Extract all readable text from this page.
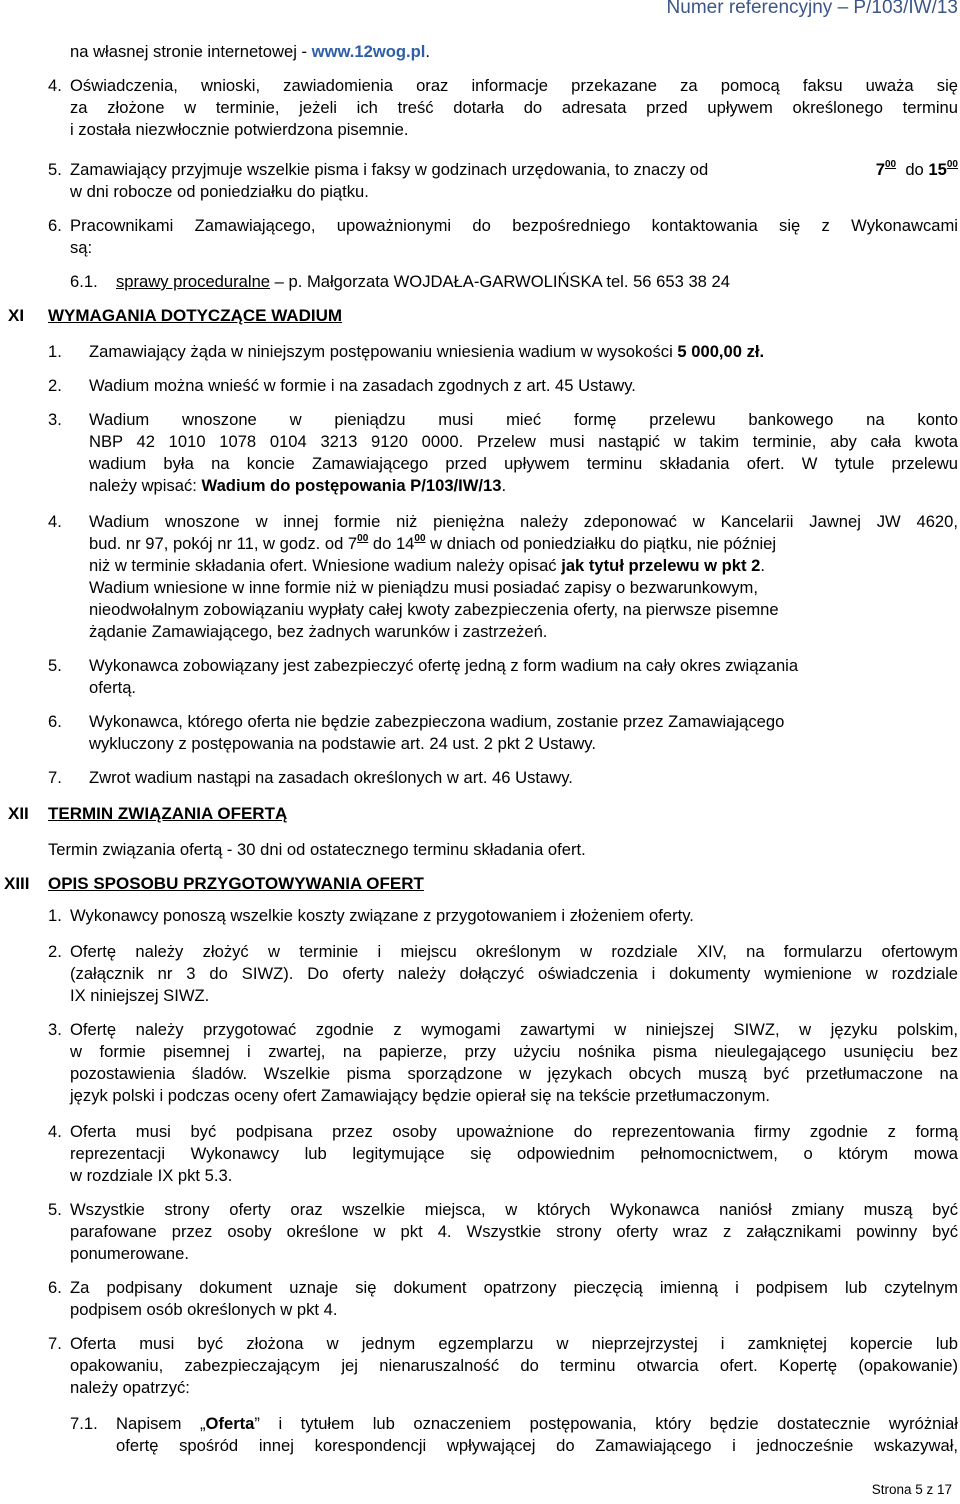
Numer referencyjny – P/103/IW/13
na własnej stronie internetowej - www.12wog.pl.
4. Oświadczenia, wnioski, zawiadomienia oraz informacje przekazane za pomocą faksu uważa się
za złożone w terminie, jeżeli ich treść dotarła do adresata przed upływem określonego terminu
i została niezwłocznie potwierdzona pisemnie.
5. Zamawiający przyjmuje wszelkie pisma i faksy w godzinach urzędowania, to znaczy od	$7^{00}$ do $15^{00}$
w dni robocze od poniedziałku do piątku.
6. Pracownikami Zamawiającego, upoważnionymi do bezpośredniego kontaktowania się z Wykonawcami
są:
6.1. sprawy proceduralne – p. Małgorzata WOJDAŁA-GARWOLIŃSKA tel. 56 653 38 24
XI WYMAGANIA DOTYCZĄCE WADIUM
1. Zamawiający żąda w niniejszym postępowaniu wniesienia wadium w wysokości 5 000,00 zł.
2. Wadium można wnieść w formie i na zasadach zgodnych z art. 45 Ustawy.
3. Wadium wnoszone w pieniądzu musi mieć formę przelewu bankowego na konto
NBP 42 1010 1078 0104 3213 9120 0000. Przelew musi nastąpić w takim terminie, aby cała kwota
wadium była na koncie Zamawiającego przed upływem terminu składania ofert. W tytule przelewu
należy wpisać: Wadium do postępowania P/103/IW/13.
4. Wadium wnoszone w innej formie niż pieniężna należy zdeponować w Kancelarii Jawnej JW 4620,
bud. nr 97, pokój nr 11, w godz. od $7^{00}$ do $14^{00}$ w dniach od poniedziałku do piątku, nie później
niż w terminie składania ofert. Wniesione wadium należy opisać jak tytuł przelewu w pkt 2.
Wadium wniesione w inne formie niż w pieniądzu musi posiadać zapisy o bezwarunkowym,
nieodwołalnym zobowiązaniu wypłaty całej kwoty zabezpieczenia oferty, na pierwsze pisemne
żądanie Zamawiającego, bez żadnych warunków i zastrzeżeń.
5. Wykonawca zobowiązany jest zabezpieczyć ofertę jedną z form wadium na cały okres związania
ofertą.
6. Wykonawca, którego oferta nie będzie zabezpieczona wadium, zostanie przez Zamawiającego
wykluczony z postępowania na podstawie art. 24 ust. 2 pkt 2 Ustawy.
7. Zwrot wadium nastąpi na zasadach określonych w art. 46 Ustawy.
XII TERMIN ZWIĄZANIA OFERTĄ
Termin związania ofertą - 30 dni od ostatecznego terminu składania ofert.
XIII OPIS SPOSOBU PRZYGOTOWYWANIA OFERT
1. Wykonawcy ponoszą wszelkie koszty związane z przygotowaniem i złożeniem oferty.
2. Ofertę należy złożyć w terminie i miejscu określonym w rozdziale XIV, na formularzu ofertowym
(załącznik nr 3 do SIWZ). Do oferty należy dołączyć oświadczenia i dokumenty wymienione w rozdziale
IX niniejszej SIWZ.
3. Ofertę należy przygotować zgodnie z wymogami zawartymi w niniejszej SIWZ, w języku polskim,
w formie pisemnej i zwartej, na papierze, przy użyciu nośnika pisma nieulegającego usunięciu bez
pozostawienia śladów. Wszelkie pisma sporządzone w językach obcych muszą być przetłumaczone na
język polski i podczas oceny ofert Zamawiający będzie opierał się na tekście przetłumaczonym.
4. Oferta musi być podpisana przez osoby upoważnione do reprezentowania firmy zgodnie z formą
reprezentacji Wykonawcy lub legitymujące się odpowiednim pełnomocnictwem, o którym mowa
w rozdziale IX pkt 5.3.
5. Wszystkie strony oferty oraz wszelkie miejsca, w których Wykonawca naniósł zmiany muszą być
parafowane przez osoby określone w pkt 4. Wszystkie strony oferty wraz z załącznikami powinny być
ponumerowane.
6. Za podpisany dokument uznaje się dokument opatrzony pieczęcią imienną i podpisem lub czytelnym
podpisem osób określonych w pkt 4.
7. Oferta musi być złożona w jednym egzemplarzu w nieprzejrzystej i zamkniętej kopercie lub
opakowaniu, zabezpieczającym jej nienaruszalność do terminu otwarcia ofert. Kopertę (opakowanie)
należy opatrzyć:
7.1. Napisem „Oferta” i tytułem lub oznaczeniem postępowania, który będzie dostatecznie wyróżniał
ofertę spośród innej korespondencji wpływającej do Zamawiającego i jednocześnie wskazywał,
Strona 5 z 17
